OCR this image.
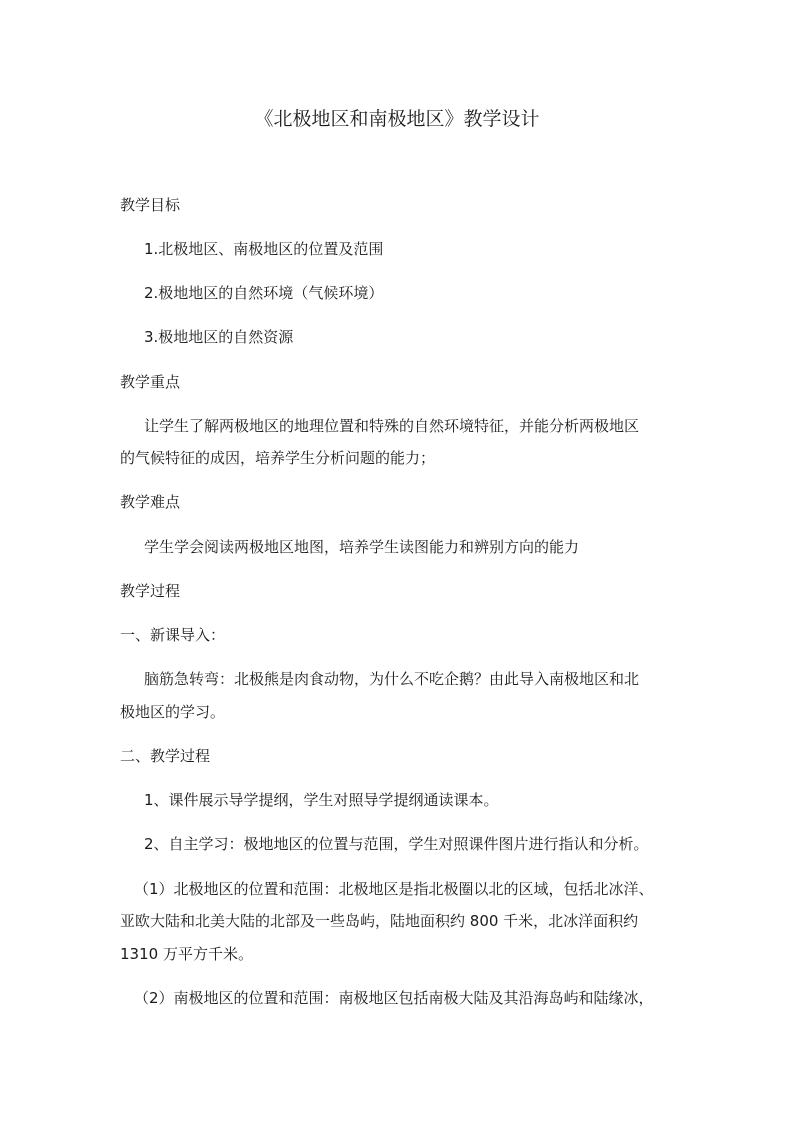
《北极地区和南极地区》教学设计
教学目标
1.北极地区、南极地区的位置及范围
2.极地地区的自然环境（气候环境）
3.极地地区的自然资源
教学重点
让学生了解两极地区的地理位置和特殊的自然环境特征，并能分析两极地区
的气候特征的成因，培养学生分析问题的能力；
教学难点
学生学会阅读两极地区地图，培养学生读图能力和辨别方向的能力
教学过程
一、新课导入：
脑筋急转弯：北极熊是肉食动物，为什么不吃企鹅？由此导入南极地区和北
极地区的学习。
二、教学过程
1、课件展示导学提纲，学生对照导学提纲通读课本。
2、自主学习：极地地区的位置与范围，学生对照课件图片进行指认和分析。
（1）北极地区的位置和范围：北极地区是指北极圈以北的区域，包括北冰洋、
亚欧大陆和北美大陆的北部及一些岛屿，陆地面积约 800 千米，北冰洋面积约
1310 万平方千米。
（2）南极地区的位置和范围：南极地区包括南极大陆及其沿海岛屿和陆缘冰，
